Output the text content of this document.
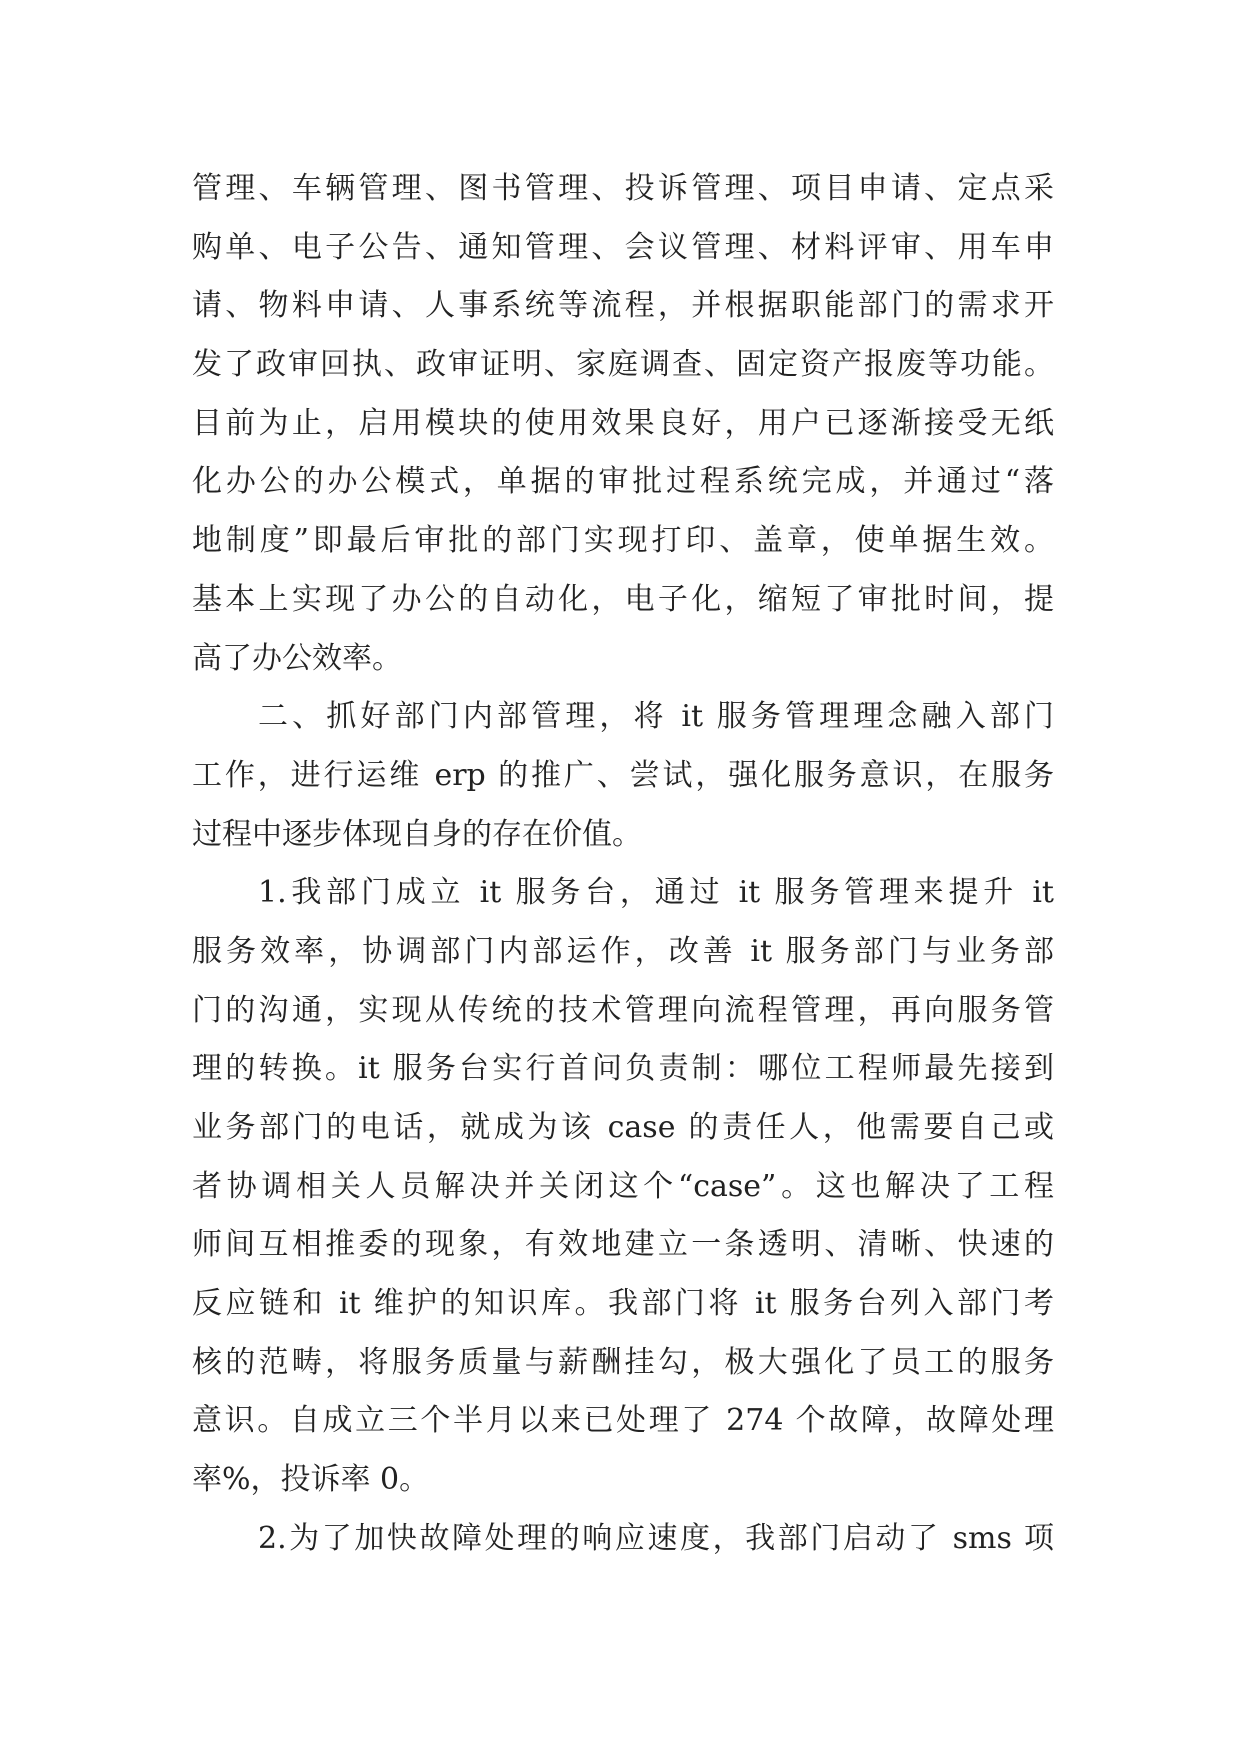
管理、车辆管理、图书管理、投诉管理、项目申请、定点采
购单、电子公告、通知管理、会议管理、材料评审、用车申
请、物料申请、人事系统等流程，并根据职能部门的需求开
发了政审回执、政审证明、家庭调查、固定资产报废等功能。
目前为止，启用模块的使用效果良好，用户已逐渐接受无纸
化办公的办公模式，单据的审批过程系统完成，并通过“落
地制度”即最后审批的部门实现打印、盖章，使单据生效。
基本上实现了办公的自动化，电子化，缩短了审批时间，提
高了办公效率。
二、抓好部门内部管理，将 it 服务管理理念融入部门
工作，进行运维 erp 的推广、尝试，强化服务意识，在服务
过程中逐步体现自身的存在价值。
1.我部门成立 it 服务台，通过 it 服务管理来提升 it
服务效率，协调部门内部运作，改善 it 服务部门与业务部
门的沟通，实现从传统的技术管理向流程管理，再向服务管
理的转换。it 服务台实行首问负责制：哪位工程师最先接到
业务部门的电话，就成为该 case 的责任人，他需要自己或
者协调相关人员解决并关闭这个“case”。这也解决了工程
师间互相推委的现象，有效地建立一条透明、清晰、快速的
反应链和 it 维护的知识库。我部门将 it 服务台列入部门考
核的范畴，将服务质量与薪酬挂勾，极大强化了员工的服务
意识。自成立三个半月以来已处理了 274 个故障，故障处理
率%，投诉率 0。
2.为了加快故障处理的响应速度，我部门启动了 sms 项
